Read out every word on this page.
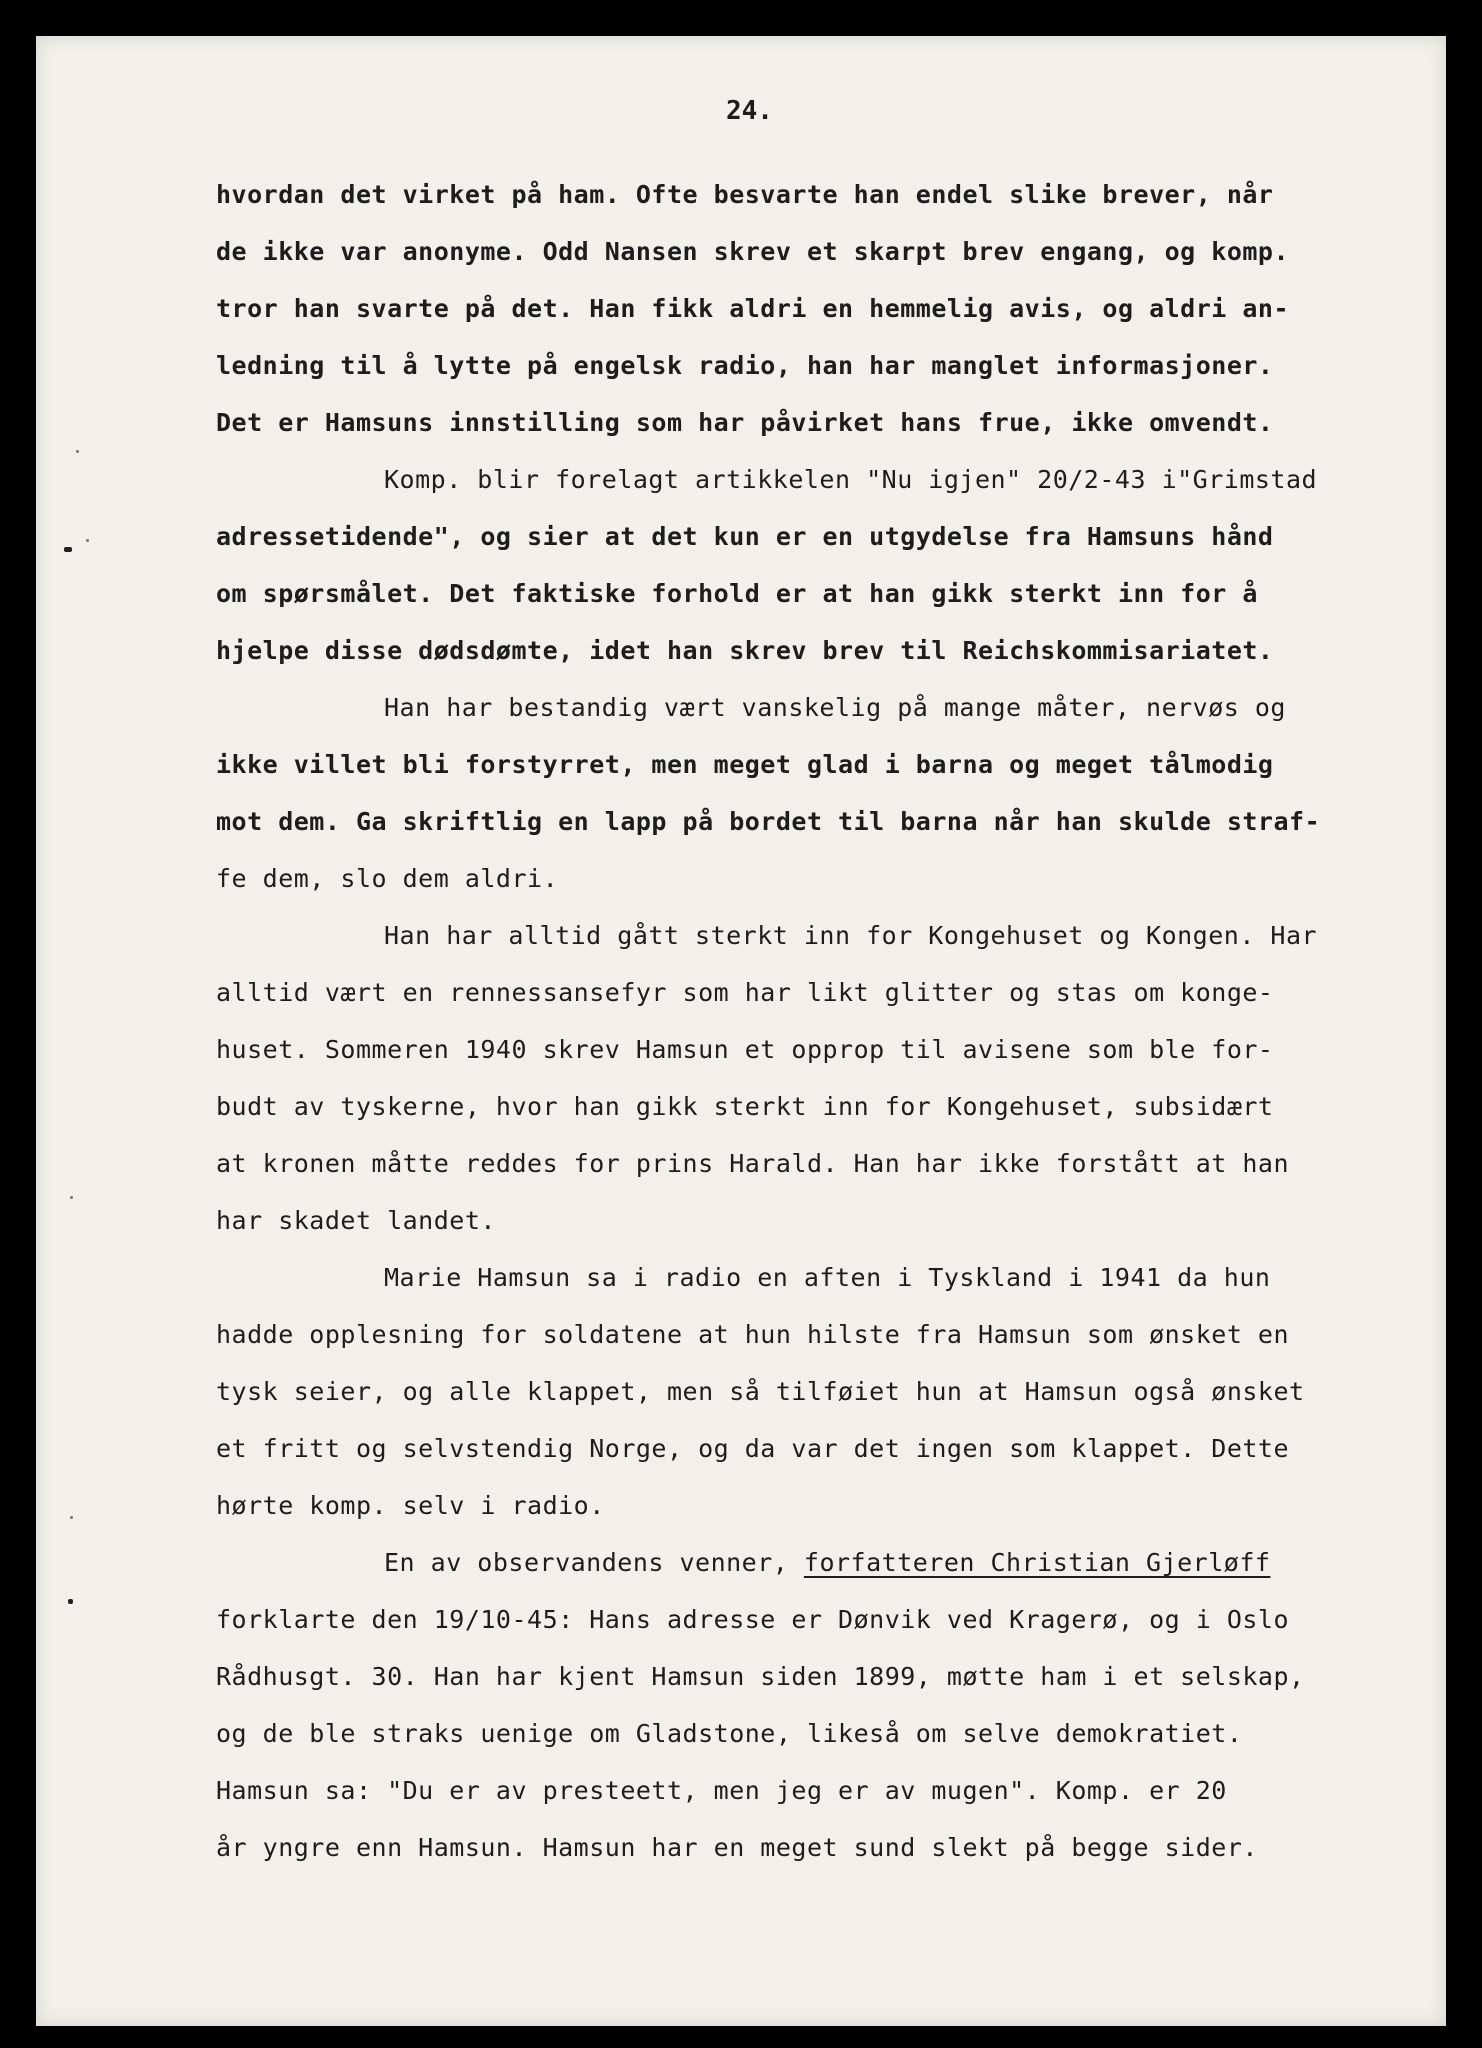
24.
hvordan det virket på ham. Ofte besvarte han endel slike brever, når
de ikke var anonyme. Odd Nansen skrev et skarpt brev engang, og komp.
tror han svarte på det. Han fikk aldri en hemmelig avis, og aldri an-
ledning til å lytte på engelsk radio, han har manglet informasjoner.
Det er Hamsuns innstilling som har påvirket hans frue, ikke omvendt.
Komp. blir forelagt artikkelen "Nu igjen" 20/2-43 i"Grimstad
adressetidende", og sier at det kun er en utgydelse fra Hamsuns hånd
om spørsmålet. Det faktiske forhold er at han gikk sterkt inn for å
hjelpe disse dødsdømte, idet han skrev brev til Reichskommisariatet.
Han har bestandig vært vanskelig på mange måter, nervøs og
ikke villet bli forstyrret, men meget glad i barna og meget tålmodig
mot dem. Ga skriftlig en lapp på bordet til barna når han skulde straf-
fe dem, slo dem aldri.
Han har alltid gått sterkt inn for Kongehuset og Kongen. Har
alltid vært en rennessansefyr som har likt glitter og stas om konge-
huset. Sommeren 1940 skrev Hamsun et opprop til avisene som ble for-
budt av tyskerne, hvor han gikk sterkt inn for Kongehuset, subsidært
at kronen måtte reddes for prins Harald. Han har ikke forstått at han
har skadet landet.
Marie Hamsun sa i radio en aften i Tyskland i 1941 da hun
hadde opplesning for soldatene at hun hilste fra Hamsun som ønsket en
tysk seier, og alle klappet, men så tilføiet hun at Hamsun også ønsket
et fritt og selvstendig Norge, og da var det ingen som klappet. Dette
hørte komp. selv i radio.
En av observandens venner, forfatteren Christian Gjerløff
forklarte den 19/10-45: Hans adresse er Dønvik ved Kragerø, og i Oslo
Rådhusgt. 30. Han har kjent Hamsun siden 1899, møtte ham i et selskap,
og de ble straks uenige om Gladstone, likeså om selve demokratiet.
Hamsun sa: "Du er av presteett, men jeg er av mugen". Komp. er 20
år yngre enn Hamsun. Hamsun har en meget sund slekt på begge sider.
